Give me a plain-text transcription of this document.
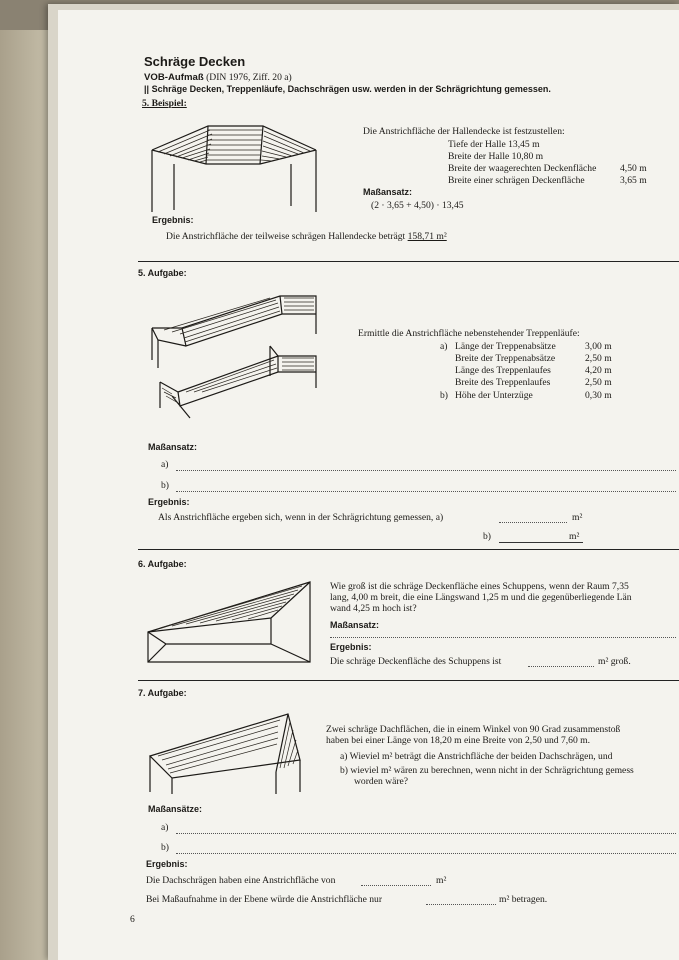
Schräge Decken
VOB-Aufmaß (DIN 1976, Ziff. 20 a)
|| Schräge Decken, Treppenläufe, Dachschrägen usw. werden in der Schrägrichtung gemessen.
5. Beispiel:
Die Anstrichfläche der Hallendecke ist festzustellen:
Tiefe der Halle 13,45 m
Breite der Halle 10,80 m
Breite der waagerechten Deckenfläche 4,50 m
Breite einer schrägen Deckenfläche	3,65 m
Maßansatz:
(2 · 3,65 + 4,50) · 13,45
Ergebnis:
Die Anstrichfläche der teilweise schrägen Hallendecke beträgt 158,71 m²
5. Aufgabe:
Ermittle die Anstrichfläche nebenstehender Treppenläufe:
a) Länge der Treppenabsätze	3,00 m
Breite der Treppenabsätze	2,50 m
Länge des Treppenlaufes	4,20 m
Breite des Treppenlaufes	2,50 m
b) Höhe der Unterzüge	0,30 m
Maßansatz:
a)
b)
Ergebnis:
Als Anstrichfläche ergeben sich, wenn in der Schrägrichtung gemessen, a)	m²
b)	m²
6. Aufgabe:
Wie groß ist die schräge Deckenfläche eines Schuppens, wenn der Raum 7,35
lang, 4,00 m breit, die eine Längswand 1,25 m und die gegenüberliegende Län
wand 4,25 m hoch ist?
Maßansatz:
Ergebnis:
Die schräge Deckenfläche des Schuppens ist	m² groß.
7. Aufgabe:
Zwei schräge Dachflächen, die in einem Winkel von 90 Grad zusammenstoß
haben bei einer Länge von 18,20 m eine Breite von 2,50 und 7,60 m.
a) Wieviel m² beträgt die Anstrichfläche der beiden Dachschrägen, und
b) wieviel m² wären zu berechnen, wenn nicht in der Schrägrichtung gemess
worden wäre?
Maßansätze:
a)
b)
Ergebnis:
Die Dachschrägen haben eine Anstrichfläche von	m²
Bei Maßaufnahme in der Ebene würde die Anstrichfläche nur	m² betragen.
6
